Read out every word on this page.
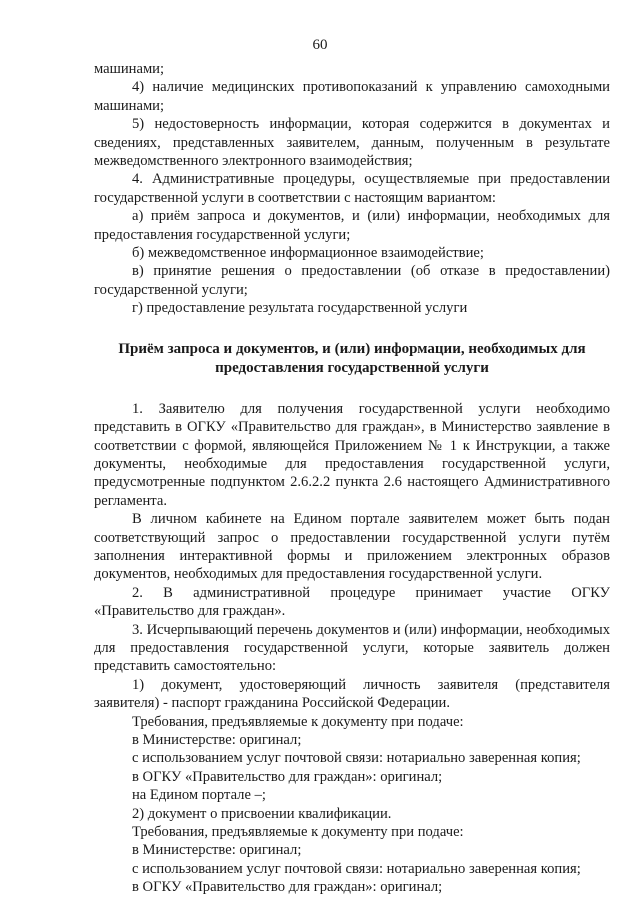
60

машинами;

4) наличие медицинских противопоказаний к управлению самоходными машинами;

5) недостоверность информации, которая содержится в документах и сведениях, представленных заявителем, данным, полученным в результате межведомственного электронного взаимодействия;

4. Административные процедуры, осуществляемые при предоставлении государственной услуги в соответствии с настоящим вариантом:

а) приём запроса и документов, и (или) информации, необходимых для предоставления государственной услуги;

б) межведомственное информационное взаимодействие;

в) принятие решения о предоставлении (об отказе в предоставлении) государственной услуги;

г) предоставление результата государственной услуги

Приём запроса и документов, и (или) информации, необходимых для предоставления государственной услуги

1. Заявителю для получения государственной услуги необходимо представить в ОГКУ «Правительство для граждан», в Министерство заявление в соответствии с формой, являющейся Приложением № 1 к Инструкции, а также документы, необходимые для предоставления государственной услуги, предусмотренные подпунктом 2.6.2.2 пункта 2.6 настоящего Административного регламента.

В личном кабинете на Едином портале заявителем может быть подан соответствующий запрос о предоставлении государственной услуги путём заполнения интерактивной формы и приложением электронных образов документов, необходимых для предоставления государственной услуги.

2. В административной процедуре принимает участие ОГКУ «Правительство для граждан».

3. Исчерпывающий перечень документов и (или) информации, необходимых для предоставления государственной услуги, которые заявитель должен представить самостоятельно:

1) документ, удостоверяющий личность заявителя (представителя заявителя) - паспорт гражданина Российской Федерации.

Требования, предъявляемые к документу при подаче:

в Министерстве: оригинал;

с использованием услуг почтовой связи: нотариально заверенная копия;

в ОГКУ «Правительство для граждан»: оригинал;

на Едином портале –;

2) документ о присвоении квалификации.

Требования, предъявляемые к документу при подаче:

в Министерстве: оригинал;

с использованием услуг почтовой связи: нотариально заверенная копия;

в ОГКУ «Правительство для граждан»: оригинал;
